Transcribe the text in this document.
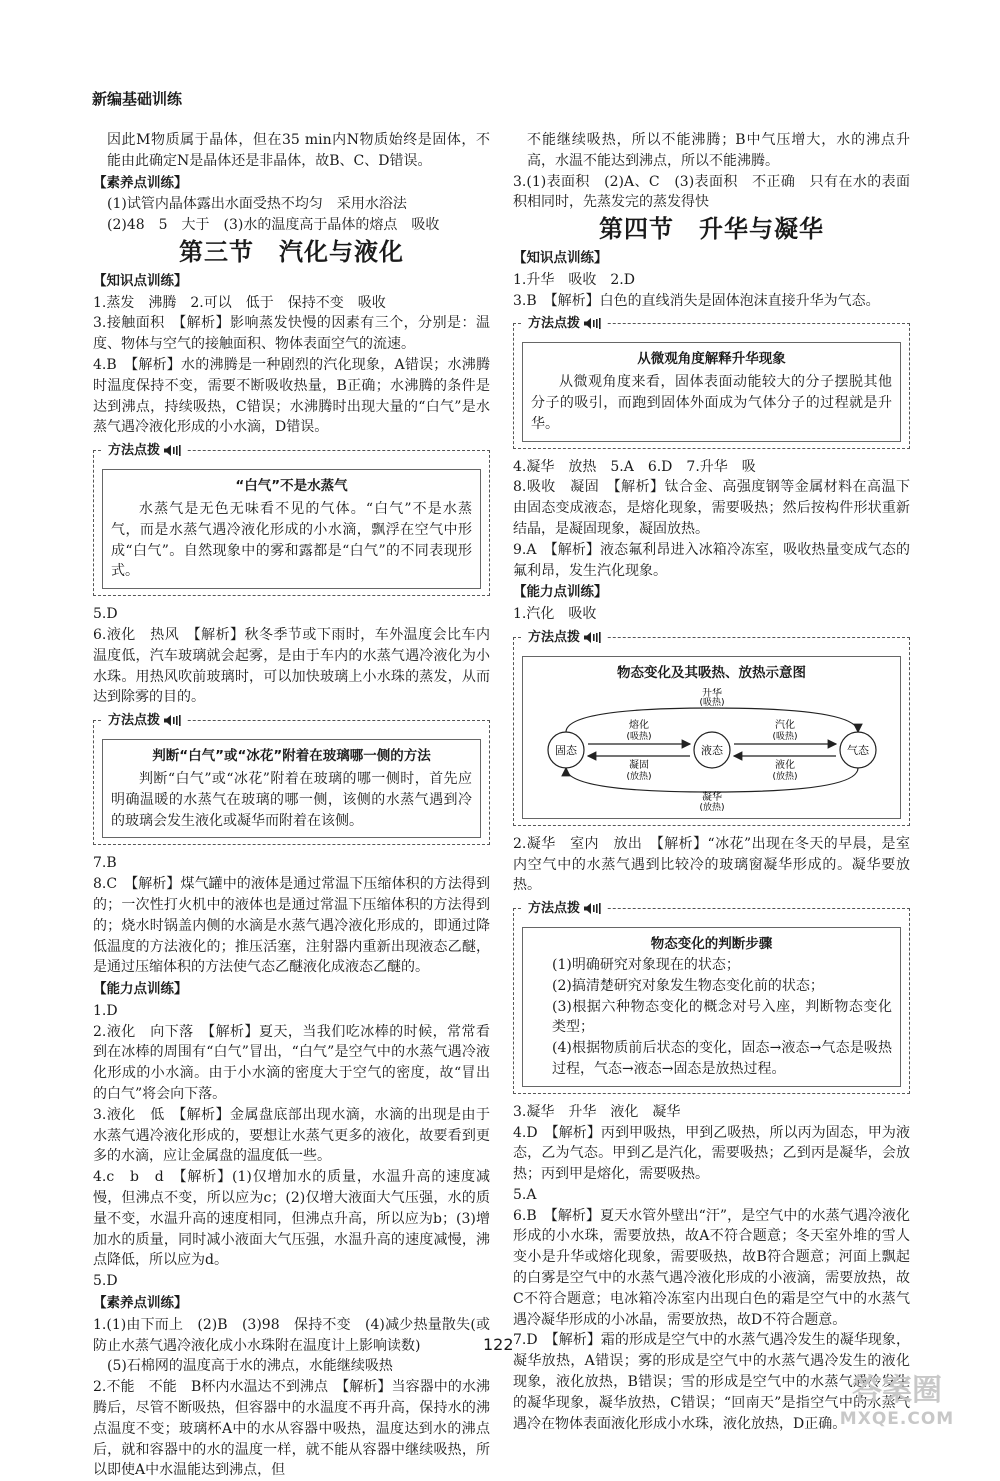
新编基础训练

因此M物质属于晶体，但在35 min内N物质始终是固体，不能由此确定N是晶体还是非晶体，故B、C、D错误。

【素养点训练】

(1)试管内晶体露出水面受热不均匀　采用水浴法

(2)48　5　大于　(3)水的温度高于晶体的熔点　吸收

第三节　汽化与液化
【知识点训练】

1.蒸发　沸腾　2.可以　低于　保持不变　吸收

3.接触面积　【解析】影响蒸发快慢的因素有三个，分别是：温度、物体与空气的接触面积、物体表面空气的流速。

4.B　【解析】水的沸腾是一种剧烈的汽化现象，A错误；水沸腾时温度保持不变，需要不断吸收热量，B正确；水沸腾的条件是达到沸点，持续吸热，C错误；水沸腾时出现大量的“白气”是水蒸气遇冷液化形成的小水滴，D错误。

方法点拨
“白气”不是水蒸气

水蒸气是无色无味看不见的气体。“白气”不是水蒸气，而是水蒸气遇冷液化形成的小水滴，飘浮在空气中形成“白气”。自然现象中的雾和露都是“白气”的不同表现形式。

5.D

6.液化　热风　【解析】秋冬季节或下雨时，车外温度会比车内温度低，汽车玻璃就会起雾，是由于车内的水蒸气遇冷液化为小水珠。用热风吹前玻璃时，可以加快玻璃上小水珠的蒸发，从而达到除雾的目的。

方法点拨
判断“白气”或“冰花”附着在玻璃哪一侧的方法

判断“白气”或“冰花”附着在玻璃的哪一侧时，首先应明确温暖的水蒸气在玻璃的哪一侧，该侧的水蒸气遇到冷的玻璃会发生液化或凝华而附着在该侧。

7.B

8.C　【解析】煤气罐中的液体是通过常温下压缩体积的方法得到的；一次性打火机中的液体也是通过常温下压缩体积的方法得到的；烧水时锅盖内侧的水滴是水蒸气遇冷液化形成的，即通过降低温度的方法液化的；推压活塞，注射器内重新出现液态乙醚，是通过压缩体积的方法使气态乙醚液化成液态乙醚的。

【能力点训练】

1.D

2.液化　向下落　【解析】夏天，当我们吃冰棒的时候，常常看到在冰棒的周围有“白气”冒出，“白气”是空气中的水蒸气遇冷液化形成的小水滴。由于小水滴的密度大于空气的密度，故“冒出的白气”将会向下落。

3.液化　低　【解析】金属盘底部出现水滴，水滴的出现是由于水蒸气遇冷液化形成的，要想让水蒸气更多的液化，故要看到更多的水滴，应让金属盘的温度低一些。

4.c　b　d　【解析】(1)仅增加水的质量，水温升高的速度减慢，但沸点不变，所以应为c；(2)仅增大液面大气压强，水的质量不变，水温升高的速度相同，但沸点升高，所以应为b；(3)增加水的质量，同时减小液面大气压强，水温升高的速度减慢，沸点降低，所以应为d。

5.D

【素养点训练】

1.(1)由下而上　(2)B　(3)98　保持不变　(4)减少热量散失(或防止水蒸气遇冷液化成小水珠附在温度计上影响读数)

(5)石棉网的温度高于水的沸点，水能继续吸热

2.不能　不能　B杯内水温达不到沸点　【解析】当容器中的水沸腾后，尽管不断吸热，但容器中的水温度不再升高，保持水的沸点温度不变；玻璃杯A中的水从容器中吸热，温度达到水的沸点后，就和容器中的水的温度一样，就不能从容器中继续吸热，所以即使A中水温能达到沸点，但

不能继续吸热，所以不能沸腾；B中气压增大，水的沸点升高，水温不能达到沸点，所以不能沸腾。

3.(1)表面积　(2)A、C　(3)表面积　不正确　只有在水的表面积相同时，先蒸发完的蒸发得快

第四节　升华与凝华
【知识点训练】

1.升华　吸收　2.D

3.B　【解析】白色的直线消失是固体泡沫直接升华为气态。

方法点拨
从微观角度解释升华现象

从微观角度来看，固体表面动能较大的分子摆脱其他分子的吸引，而跑到固体外面成为气体分子的过程就是升华。

4.凝华　放热　5.A　6.D　7.升华　吸

8.吸收　凝固　【解析】钛合金、高强度钢等金属材料在高温下由固态变成液态，是熔化现象，需要吸热；然后按构件形状重新结晶，是凝固现象，凝固放热。

9.A　【解析】液态氟利昂进入冰箱冷冻室，吸收热量变成气态的氟利昂，发生汽化现象。

【能力点训练】

1.汽化　吸收

方法点拨
物态变化及其吸热、放热示意图
升华
(吸热)
凝华
(放热)
固态	液态	气态
熔化
(吸热)
凝固
(放热)
汽化
(吸热)
液化
(放热)

2.凝华　室内　放出　【解析】“冰花”出现在冬天的早晨，是室内空气中的水蒸气遇到比较冷的玻璃窗凝华形成的。凝华要放热。

方法点拨
物态变化的判断步骤

(1)明确研究对象现在的状态；

(2)搞清楚研究对象发生物态变化前的状态；

(3)根据六种物态变化的概念对号入座，判断物态变化类型；

(4)根据物质前后状态的变化，固态→液态→气态是吸热过程，气态→液态→固态是放热过程。

3.凝华　升华　液化　凝华

4.D　【解析】丙到甲吸热，甲到乙吸热，所以丙为固态，甲为液态，乙为气态。甲到乙是汽化，需要吸热；乙到丙是凝华，会放热；丙到甲是熔化，需要吸热。

5.A

6.B　【解析】夏天水管外壁出“汗”，是空气中的水蒸气遇冷液化形成的小水珠，需要放热，故A不符合题意；冬天室外堆的雪人变小是升华或熔化现象，需要吸热，故B符合题意；河面上飘起的白雾是空气中的水蒸气遇冷液化形成的小液滴，需要放热，故C不符合题意；电冰箱冷冻室内出现白色的霜是空气中的水蒸气遇冷凝华形成的小冰晶，需要放热，故D不符合题意。

7.D　【解析】霜的形成是空气中的水蒸气遇冷发生的凝华现象，凝华放热，A错误；雾的形成是空气中的水蒸气遇冷发生的液化现象，液化放热，B错误；雪的形成是空气中的水蒸气遇冷发生的凝华现象，凝华放热，C错误；“回南天”是指空气中的水蒸气遇冷在物体表面液化形成小水珠，液化放热，D正确。

122
答案圈
MXQE.COM
